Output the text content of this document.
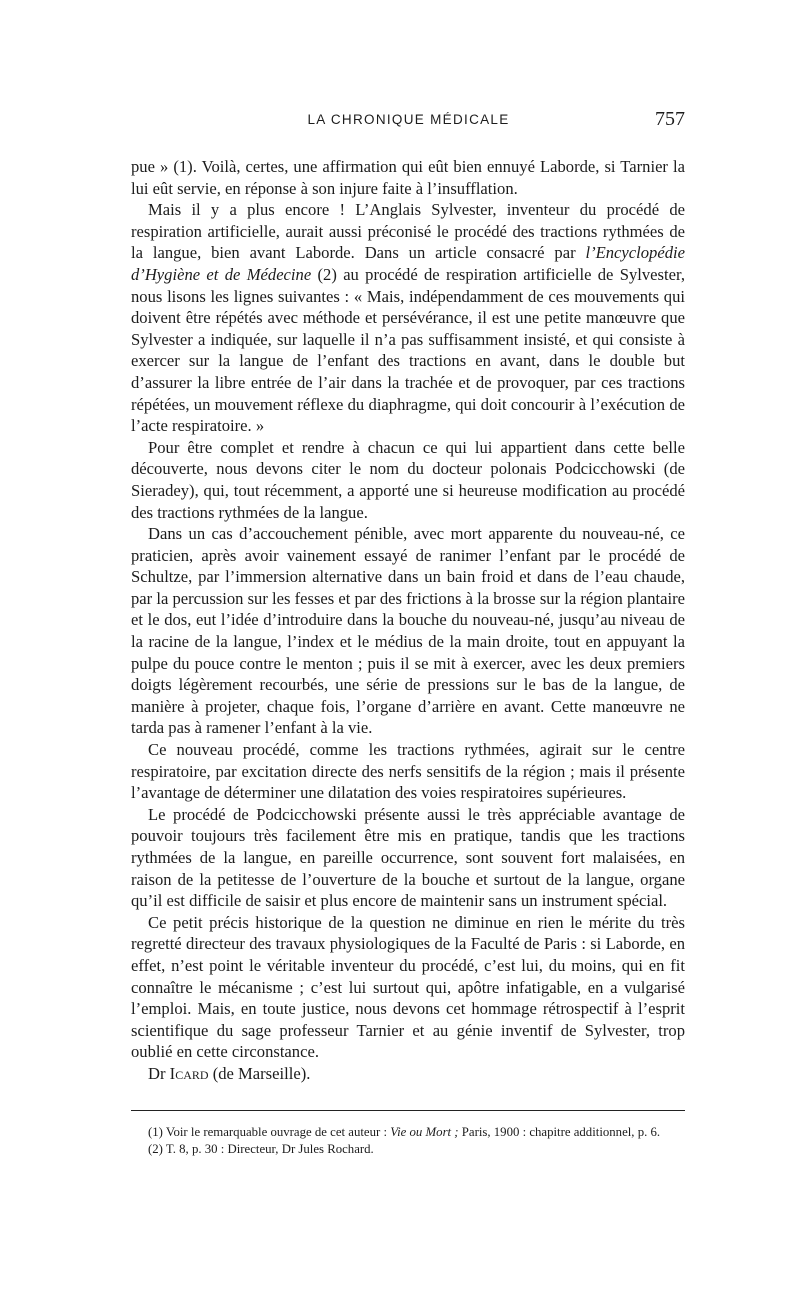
LA CHRONIQUE MÉDICALE	757

pue » (1). Voilà, certes, une affirmation qui eût bien ennuyé Laborde, si Tarnier la lui eût servie, en réponse à son injure faite à l’insufflation.

Mais il y a plus encore ! L’Anglais Sylvester, inventeur du procédé de respiration artificielle, aurait aussi préconisé le procédé des tractions rythmées de la langue, bien avant Laborde. Dans un article consacré par l’Encyclopédie d’Hygiène et de Médecine (2) au procédé de respiration artificielle de Sylvester, nous lisons les lignes suivantes : « Mais, indépendamment de ces mouvements qui doivent être répétés avec méthode et persévérance, il est une petite manœuvre que Sylvester a indiquée, sur laquelle il n’a pas suffisamment insisté, et qui consiste à exercer sur la langue de l’enfant des tractions en avant, dans le double but d’assurer la libre entrée de l’air dans la trachée et de provoquer, par ces tractions répétées, un mouvement réflexe du diaphragme, qui doit concourir à l’exécution de l’acte respiratoire. »

Pour être complet et rendre à chacun ce qui lui appartient dans cette belle découverte, nous devons citer le nom du docteur polonais Podcicchowski (de Sieradey), qui, tout récemment, a apporté une si heureuse modification au procédé des tractions rythmées de la langue.

Dans un cas d’accouchement pénible, avec mort apparente du nouveau-né, ce praticien, après avoir vainement essayé de ranimer l’enfant par le procédé de Schultze, par l’immersion alternative dans un bain froid et dans de l’eau chaude, par la percussion sur les fesses et par des frictions à la brosse sur la région plantaire et le dos, eut l’idée d’introduire dans la bouche du nouveau-né, jusqu’au niveau de la racine de la langue, l’index et le médius de la main droite, tout en appuyant la pulpe du pouce contre le menton ; puis il se mit à exercer, avec les deux premiers doigts légèrement recourbés, une série de pressions sur le bas de la langue, de manière à projeter, chaque fois, l’organe d’arrière en avant. Cette manœuvre ne tarda pas à ramener l’enfant à la vie.

Ce nouveau procédé, comme les tractions rythmées, agirait sur le centre respiratoire, par excitation directe des nerfs sensitifs de la région ; mais il présente l’avantage de déterminer une dilatation des voies respiratoires supérieures.

Le procédé de Podcicchowski présente aussi le très appréciable avantage de pouvoir toujours très facilement être mis en pratique, tandis que les tractions rythmées de la langue, en pareille occurrence, sont souvent fort malaisées, en raison de la petitesse de l’ouverture de la bouche et surtout de la langue, organe qu’il est difficile de saisir et plus encore de maintenir sans un instrument spécial.

Ce petit précis historique de la question ne diminue en rien le mérite du très regretté directeur des travaux physiologiques de la Faculté de Paris : si Laborde, en effet, n’est point le véritable inventeur du procédé, c’est lui, du moins, qui en fit connaître le mécanisme ; c’est lui surtout qui, apôtre infatigable, en a vulgarisé l’emploi. Mais, en toute justice, nous devons cet hommage rétrospectif à l’esprit scientifique du sage professeur Tarnier et au génie inventif de Sylvester, trop oublié en cette circonstance.

Dr Icard (de Marseille).

(1) Voir le remarquable ouvrage de cet auteur : Vie ou Mort ; Paris, 1900 : chapitre additionnel, p. 6.

(2) T. 8, p. 30 : Directeur, Dr Jules Rochard.
